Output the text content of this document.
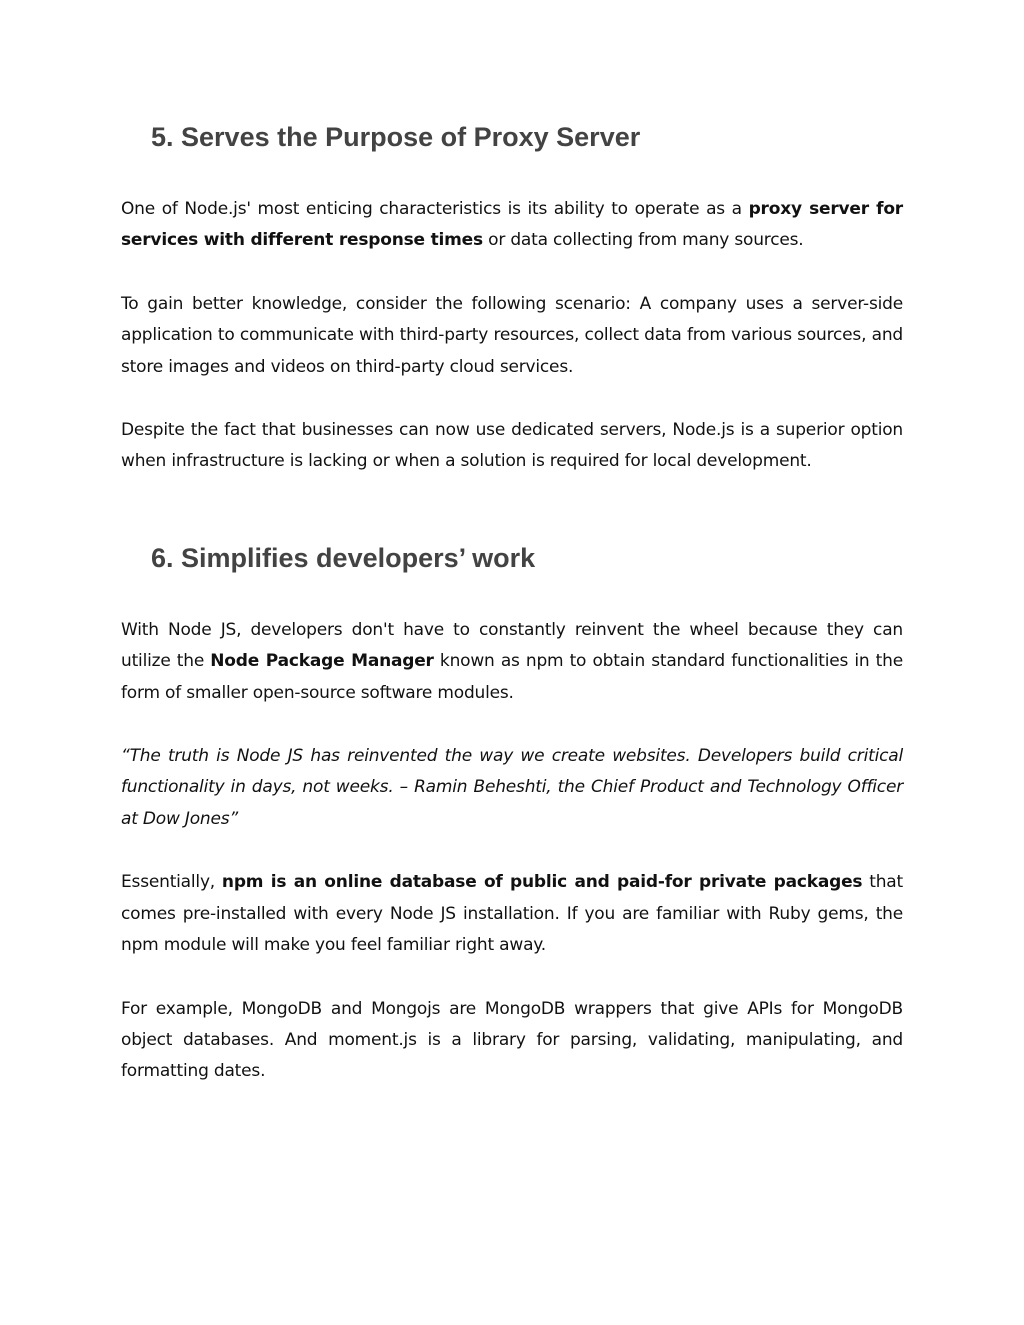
5. Serves the Purpose of Proxy Server

One of Node.js' most enticing characteristics is its ability to operate as a proxy server for services with different response times or data collecting from many sources.

To gain better knowledge, consider the following scenario: A company uses a server-side application to communicate with third-party resources, collect data from various sources, and store images and videos on third-party cloud services.

Despite the fact that businesses can now use dedicated servers, Node.js is a superior option when infrastructure is lacking or when a solution is required for local development.

6. Simplifies developers’ work

With Node JS, developers don't have to constantly reinvent the wheel because they can utilize the Node Package Manager known as npm to obtain standard functionalities in the form of smaller open-source software modules.

“The truth is Node JS has reinvented the way we create websites. Developers build critical functionality in days, not weeks. – Ramin Beheshti, the Chief Product and Technology Officer at Dow Jones”

Essentially, npm is an online database of public and paid-for private packages that comes pre-installed with every Node JS installation. If you are familiar with Ruby gems, the npm module will make you feel familiar right away.

For example, MongoDB and Mongojs are MongoDB wrappers that give APIs for MongoDB object databases. And moment.js is a library for parsing, validating, manipulating, and formatting dates.
